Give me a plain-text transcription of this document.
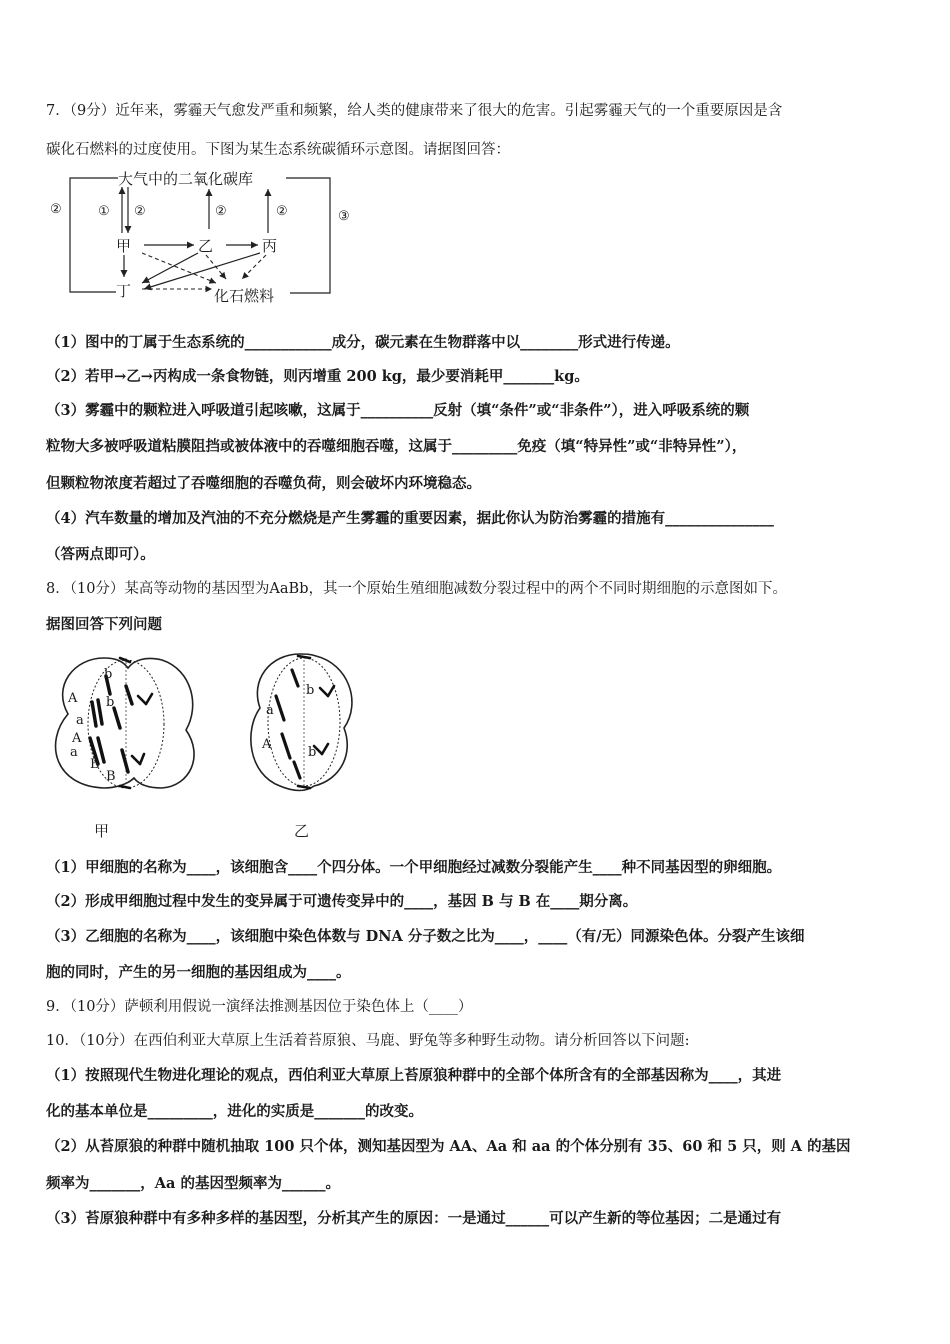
7．（9分）近年来，雾霾天气愈发严重和频繁，给人类的健康带来了很大的危害。引起雾霾天气的一个重要原因是含
碳化石燃料的过度使用。下图为某生态系统碳循环示意图。请据图回答：
大气中的二氧化碳库
甲	乙	丙
丁	化石燃料
②	① ②	②	②	③
（1）图中的丁属于生态系统的____________成分，碳元素在生物群落中以________形式进行传递。
（2）若甲→乙→丙构成一条食物链，则丙增重 200 kg，最少要消耗甲_______kg。
（3）雾霾中的颗粒进入呼吸道引起咳嗽，这属于__________反射（填“条件”或“非条件”），进入呼吸系统的颗
粒物大多被呼吸道粘膜阻挡或被体液中的吞噬细胞吞噬，这属于_________免疫（填“特异性”或“非特异性”），
但颗粒物浓度若超过了吞噬细胞的吞噬负荷，则会破坏内环境稳态。
（4）汽车数量的增加及汽油的不充分燃烧是产生雾霾的重要因素，据此你认为防治雾霾的措施有_______________
（答两点即可）。
8．（10分）某高等动物的基因型为AaBb，其一个原始生殖细胞减数分裂过程中的两个不同时期细胞的示意图如下。
据图回答下列问题
A
a
A
a
b
b
B
B
甲
a
A
b
b
乙
（1）甲细胞的名称为____，该细胞含____个四分体。一个甲细胞经过减数分裂能产生____种不同基因型的卵细胞。
（2）形成甲细胞过程中发生的变异属于可遗传变异中的____，基因 B 与 B 在____期分离。
（3）乙细胞的名称为____，该细胞中染色体数与 DNA 分子数之比为____，____（有/无）同源染色体。分裂产生该细
胞的同时，产生的另一细胞的基因组成为____。
9．（10分）萨顿利用假说一演绎法推测基因位于染色体上（____）
10．（10分）在西伯利亚大草原上生活着苔原狼、马鹿、野兔等多种野生动物。请分析回答以下问题:
（1）按照现代生物进化理论的观点，西伯利亚大草原上苔原狼种群中的全部个体所含有的全部基因称为____，其进
化的基本单位是_________，进化的实质是_______的改变。
（2）从苔原狼的种群中随机抽取 100 只个体，测知基因型为 AA、Aa 和 aa 的个体分别有 35、60 和 5 只，则 A 的基因
频率为_______，Aa 的基因型频率为______。
（3）苔原狼种群中有多种多样的基因型，分析其产生的原因：一是通过______可以产生新的等位基因；二是通过有
